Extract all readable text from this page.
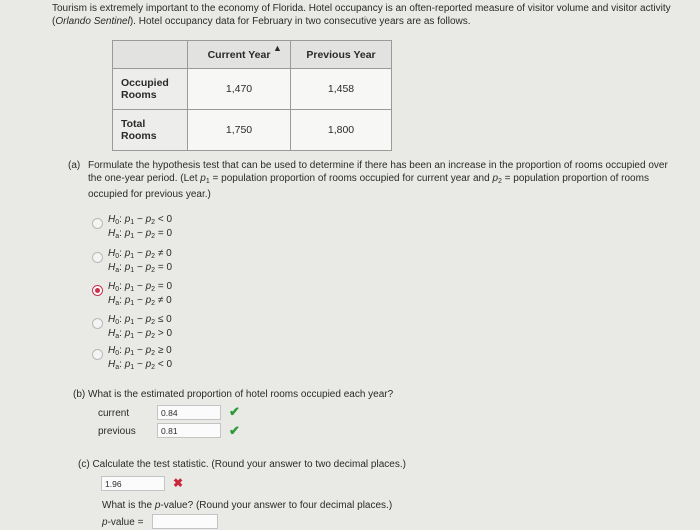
Tourism is extremely important to the economy of Florida. Hotel occupancy is an often-reported measure of visitor volume and visitor activity (Orlando Sentinel). Hotel occupancy data for February in two consecutive years are as follows.
	Current Year	Previous Year
Occupied
Rooms	1,470	1,458
Total
Rooms	1,750	1,800
▲
(a) Formulate the hypothesis test that can be used to determine if there has been an increase in the proportion of rooms occupied over the one-year period. (Let $p_1$ = population proportion of rooms occupied for current year and $p_2$ = population proportion of rooms occupied for previous year.)
$H_0$: $p_1 - p_2 < 0$
$H_a$: $p_1 - p_2 = 0$
$H_0$: $p_1 - p_2 \ne 0$
$H_a$: $p_1 - p_2 = 0$
$H_0$: $p_1 - p_2 = 0$
$H_a$: $p_1 - p_2 \ne 0$
$H_0$: $p_1 - p_2 \le 0$
$H_a$: $p_1 - p_2 > 0$
$H_0$: $p_1 - p_2 \ge 0$
$H_a$: $p_1 - p_2 < 0$
(b) What is the estimated proportion of hotel rooms occupied each year?
current	0.84	✔
previous	0.81	✔
(c) Calculate the test statistic. (Round your answer to two decimal places.)
1.96	✖
What is the p-value? (Round your answer to four decimal places.)
p-value =
